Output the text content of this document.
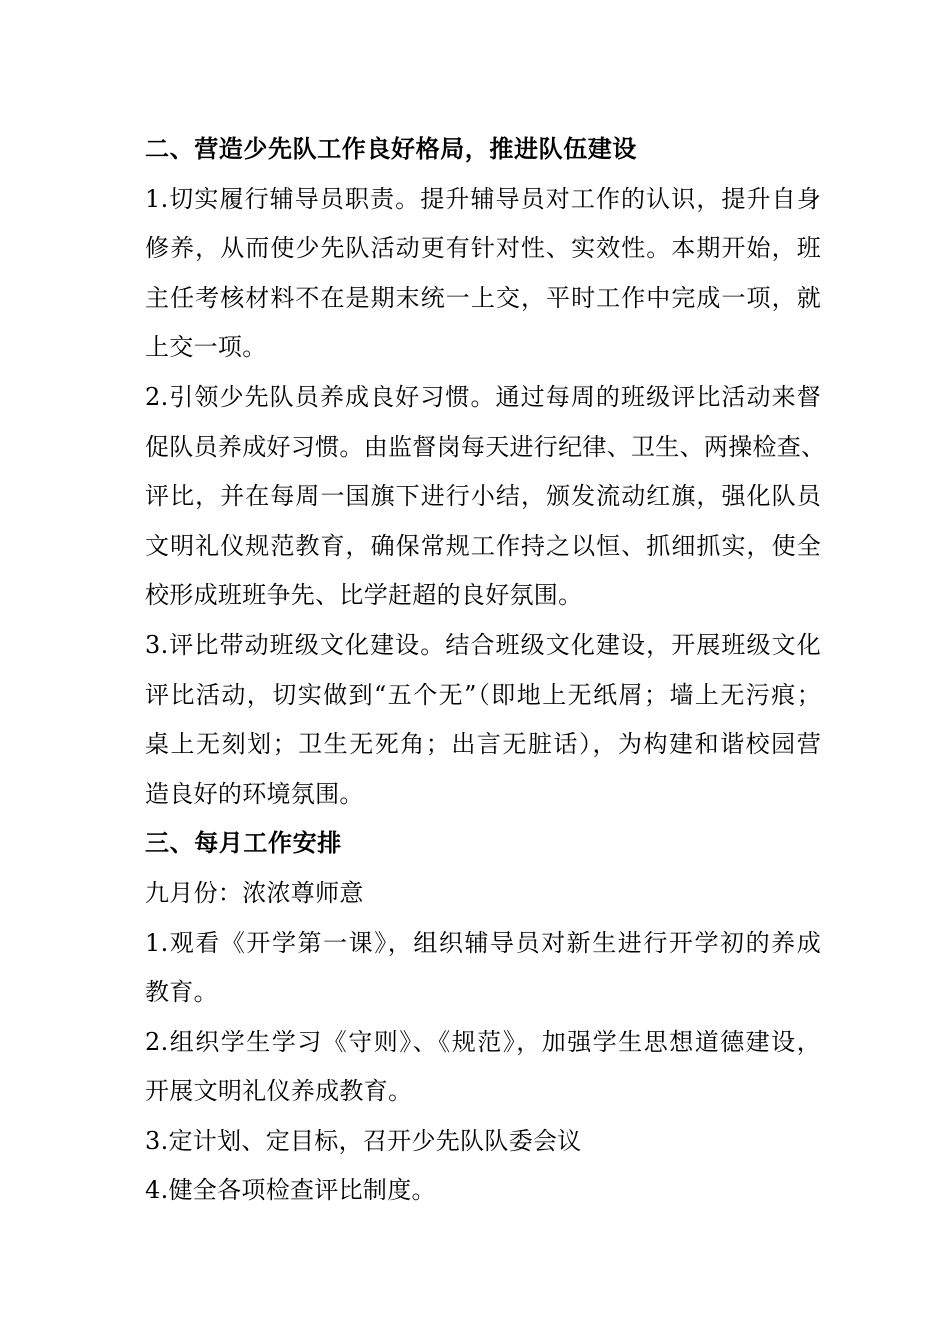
二、营造少先队工作良好格局，推进队伍建设
1.切实履行辅导员职责。提升辅导员对工作的认识，提升自身
修养，从而使少先队活动更有针对性、实效性。本期开始，班
主任考核材料不在是期末统一上交，平时工作中完成一项，就
上交一项。
2.引领少先队员养成良好习惯。通过每周的班级评比活动来督
促队员养成好习惯。由监督岗每天进行纪律、卫生、两操检查、
评比，并在每周一国旗下进行小结，颁发流动红旗，强化队员
文明礼仪规范教育，确保常规工作持之以恒、抓细抓实，使全
校形成班班争先、比学赶超的良好氛围。
3.评比带动班级文化建设。结合班级文化建设，开展班级文化
评比活动，切实做到“五个无”（即地上无纸屑；墙上无污痕；
桌上无刻划；卫生无死角；出言无脏话），为构建和谐校园营
造良好的环境氛围。
三、每月工作安排
九月份：浓浓尊师意
1.观看《开学第一课》，组织辅导员对新生进行开学初的养成
教育。
2.组织学生学习《守则》、《规范》，加强学生思想道德建设，
开展文明礼仪养成教育。
3.定计划、定目标，召开少先队队委会议
4.健全各项检查评比制度。
